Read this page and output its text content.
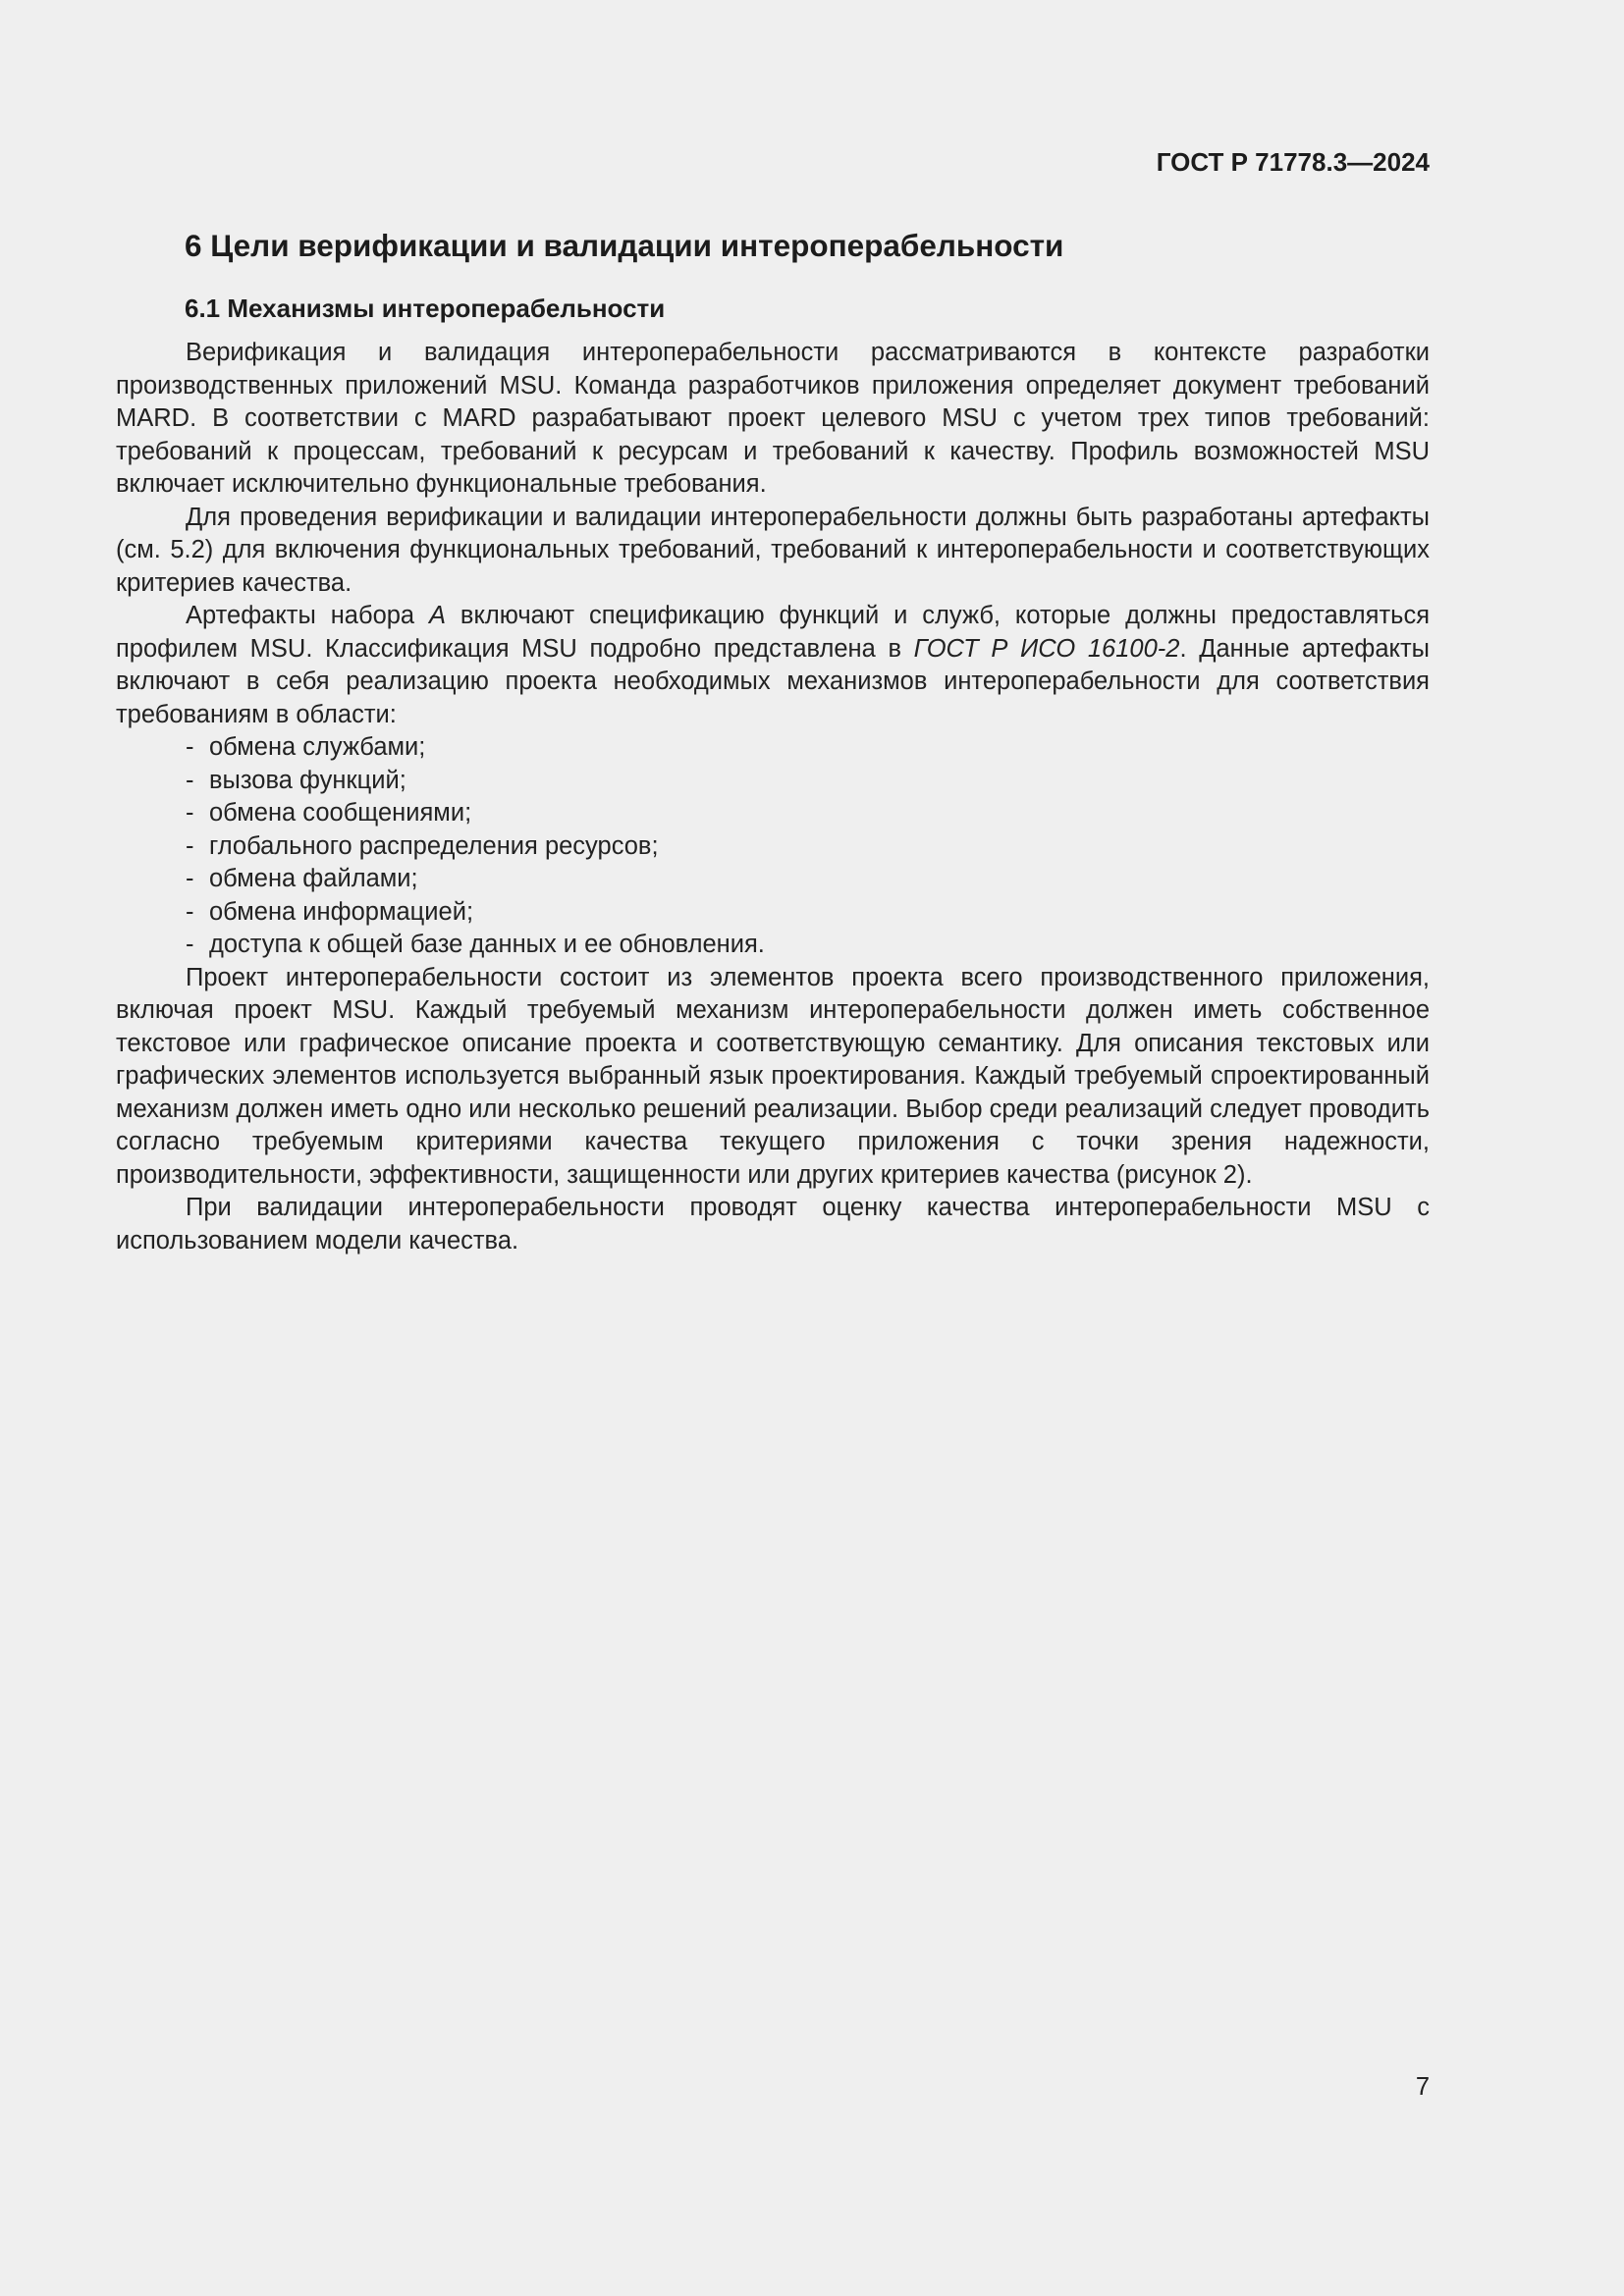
ГОСТ Р 71778.3—2024
6 Цели верификации и валидации интероперабельности
6.1 Механизмы интероперабельности

Верификация и валидация интероперабельности рассматриваются в контексте разработки производственных приложений MSU. Команда разработчиков приложения определяет документ требований MARD. В соответствии с MARD разрабатывают проект целевого MSU с учетом трех типов требований: требований к процессам, требований к ресурсам и требований к качеству. Профиль возможностей MSU включает исключительно функциональные требования.

Для проведения верификации и валидации интероперабельности должны быть разработаны артефакты (см. 5.2) для включения функциональных требований, требований к интероперабельности и соответствующих критериев качества.

Артефакты набора А включают спецификацию функций и служб, которые должны предоставляться профилем MSU. Классификация MSU подробно представлена в ГОСТ Р ИСО 16100-2. Данные артефакты включают в себя реализацию проекта необходимых механизмов интероперабельности для соответствия требованиям в области:

- обмена службами;
- вызова функций;
- обмена сообщениями;
- глобального распределения ресурсов;
- обмена файлами;
- обмена информацией;
- доступа к общей базе данных и ее обновления.

Проект интероперабельности состоит из элементов проекта всего производственного приложения, включая проект MSU. Каждый требуемый механизм интероперабельности должен иметь собственное текстовое или графическое описание проекта и соответствующую семантику. Для описания текстовых или графических элементов используется выбранный язык проектирования. Каждый требуемый спроектированный механизм должен иметь одно или несколько решений реализации. Выбор среди реализаций следует проводить согласно требуемым критериями качества текущего приложения с точки зрения надежности, производительности, эффективности, защищенности или других критериев качества (рисунок 2).

При валидации интероперабельности проводят оценку качества интероперабельности MSU с использованием модели качества.

7
